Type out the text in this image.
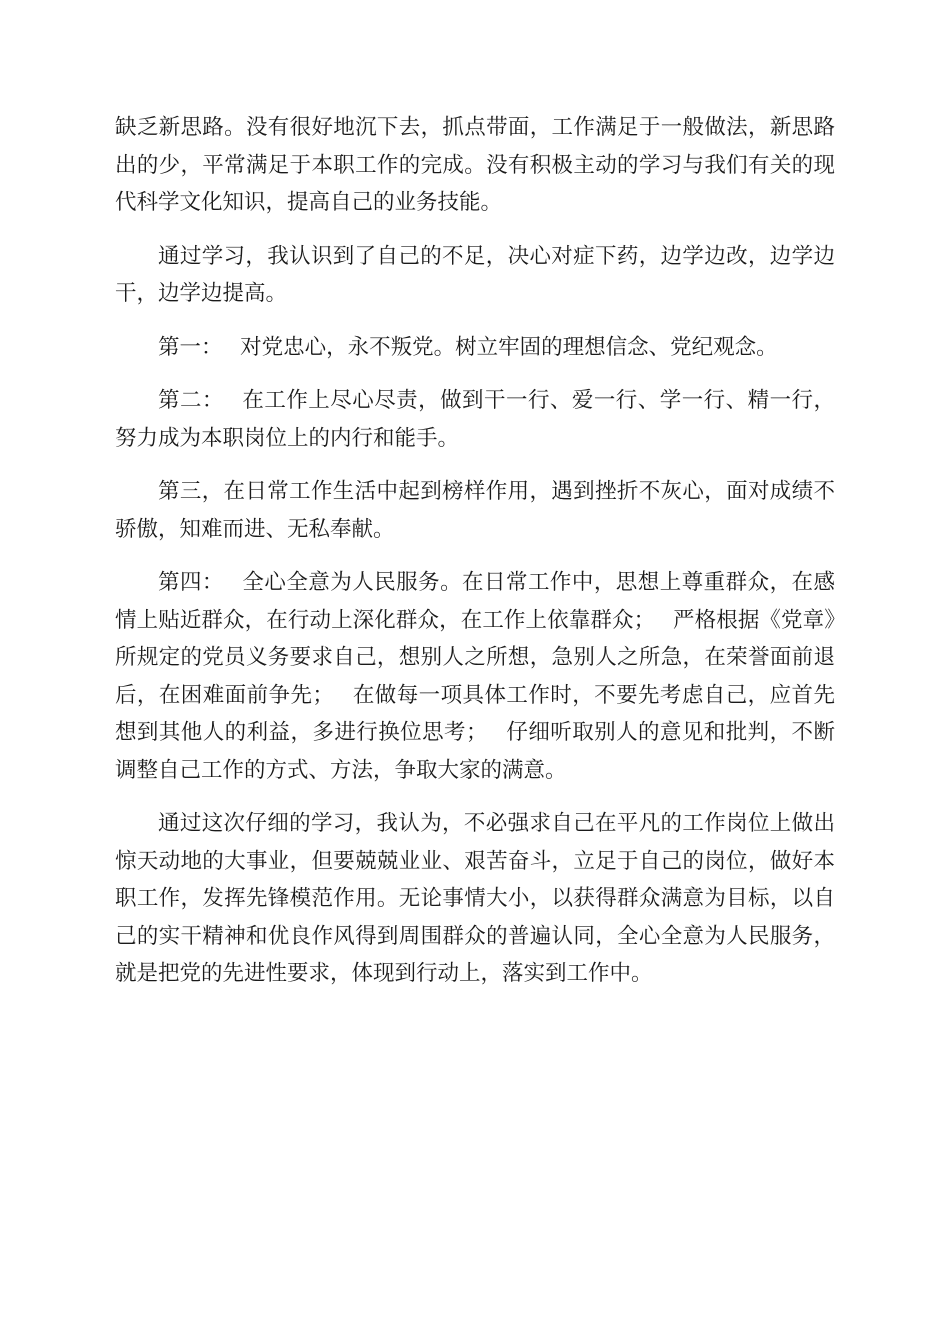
缺乏新思路。没有很好地沉下去，抓点带面，工作满足于一般做法，新思路出的少，平常满足于本职工作的完成。没有积极主动的学习与我们有关的现代科学文化知识，提高自己的业务技能。

通过学习，我认识到了自己的不足，决心对症下药，边学边改，边学边干，边学边提高。

第一：　 对党忠心，永不叛党。树立牢固的理想信念、党纪观念。

第二：　 在工作上尽心尽责，做到干一行、爱一行、学一行、精一行，努力成为本职岗位上的内行和能手。

第三，在日常工作生活中起到榜样作用，遇到挫折不灰心，面对成绩不骄傲，知难而进、无私奉献。

第四：　 全心全意为人民服务。在日常工作中，思想上尊重群众，在感情上贴近群众，在行动上深化群众，在工作上依靠群众；　 严格根据《党章》所规定的党员义务要求自己，想别人之所想，急别人之所急，在荣誉面前退后，在困难面前争先；　 在做每一项具体工作时，不要先考虑自己，应首先想到其他人的利益，多进行换位思考；　 仔细听取别人的意见和批判，不断调整自己工作的方式、方法，争取大家的满意。

通过这次仔细的学习，我认为，不必强求自己在平凡的工作岗位上做出惊天动地的大事业，但要兢兢业业、艰苦奋斗，立足于自己的岗位，做好本职工作，发挥先锋模范作用。无论事情大小，以获得群众满意为目标，以自己的实干精神和优良作风得到周围群众的普遍认同，全心全意为人民服务，就是把党的先进性要求，体现到行动上，落实到工作中。
